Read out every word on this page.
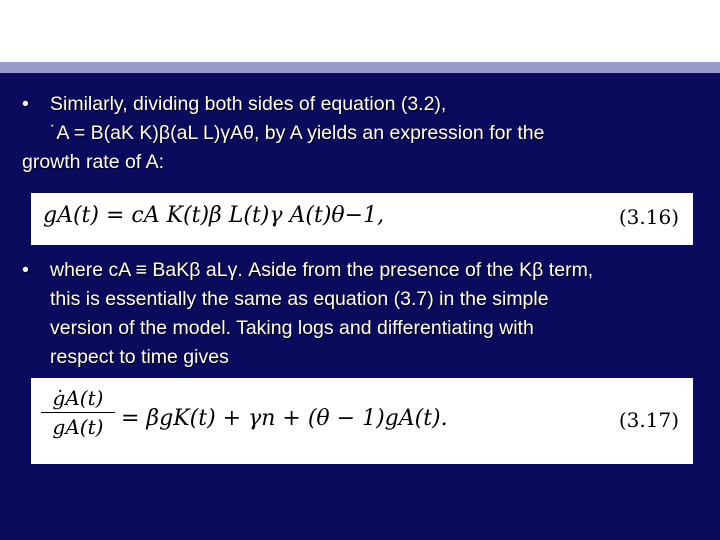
• Similarly, dividing both sides of equation (3.2),
˙A = B(aK K)β(aL L)γAθ, by A yields an expression for the
growth rate of A:
gA(t) = cA K(t)β L(t)γ A(t)θ−1,	(3.16)
• where cA ≡ BaKβ aLγ. Aside from the presence of the Kβ term,
this is essentially the same as equation (3.7) in the simple
version of the model. Taking logs and differentiating with
respect to time gives
ġA(t)
gA(t) = βgK(t) + γn + (θ − 1)gA(t).	(3.17)
